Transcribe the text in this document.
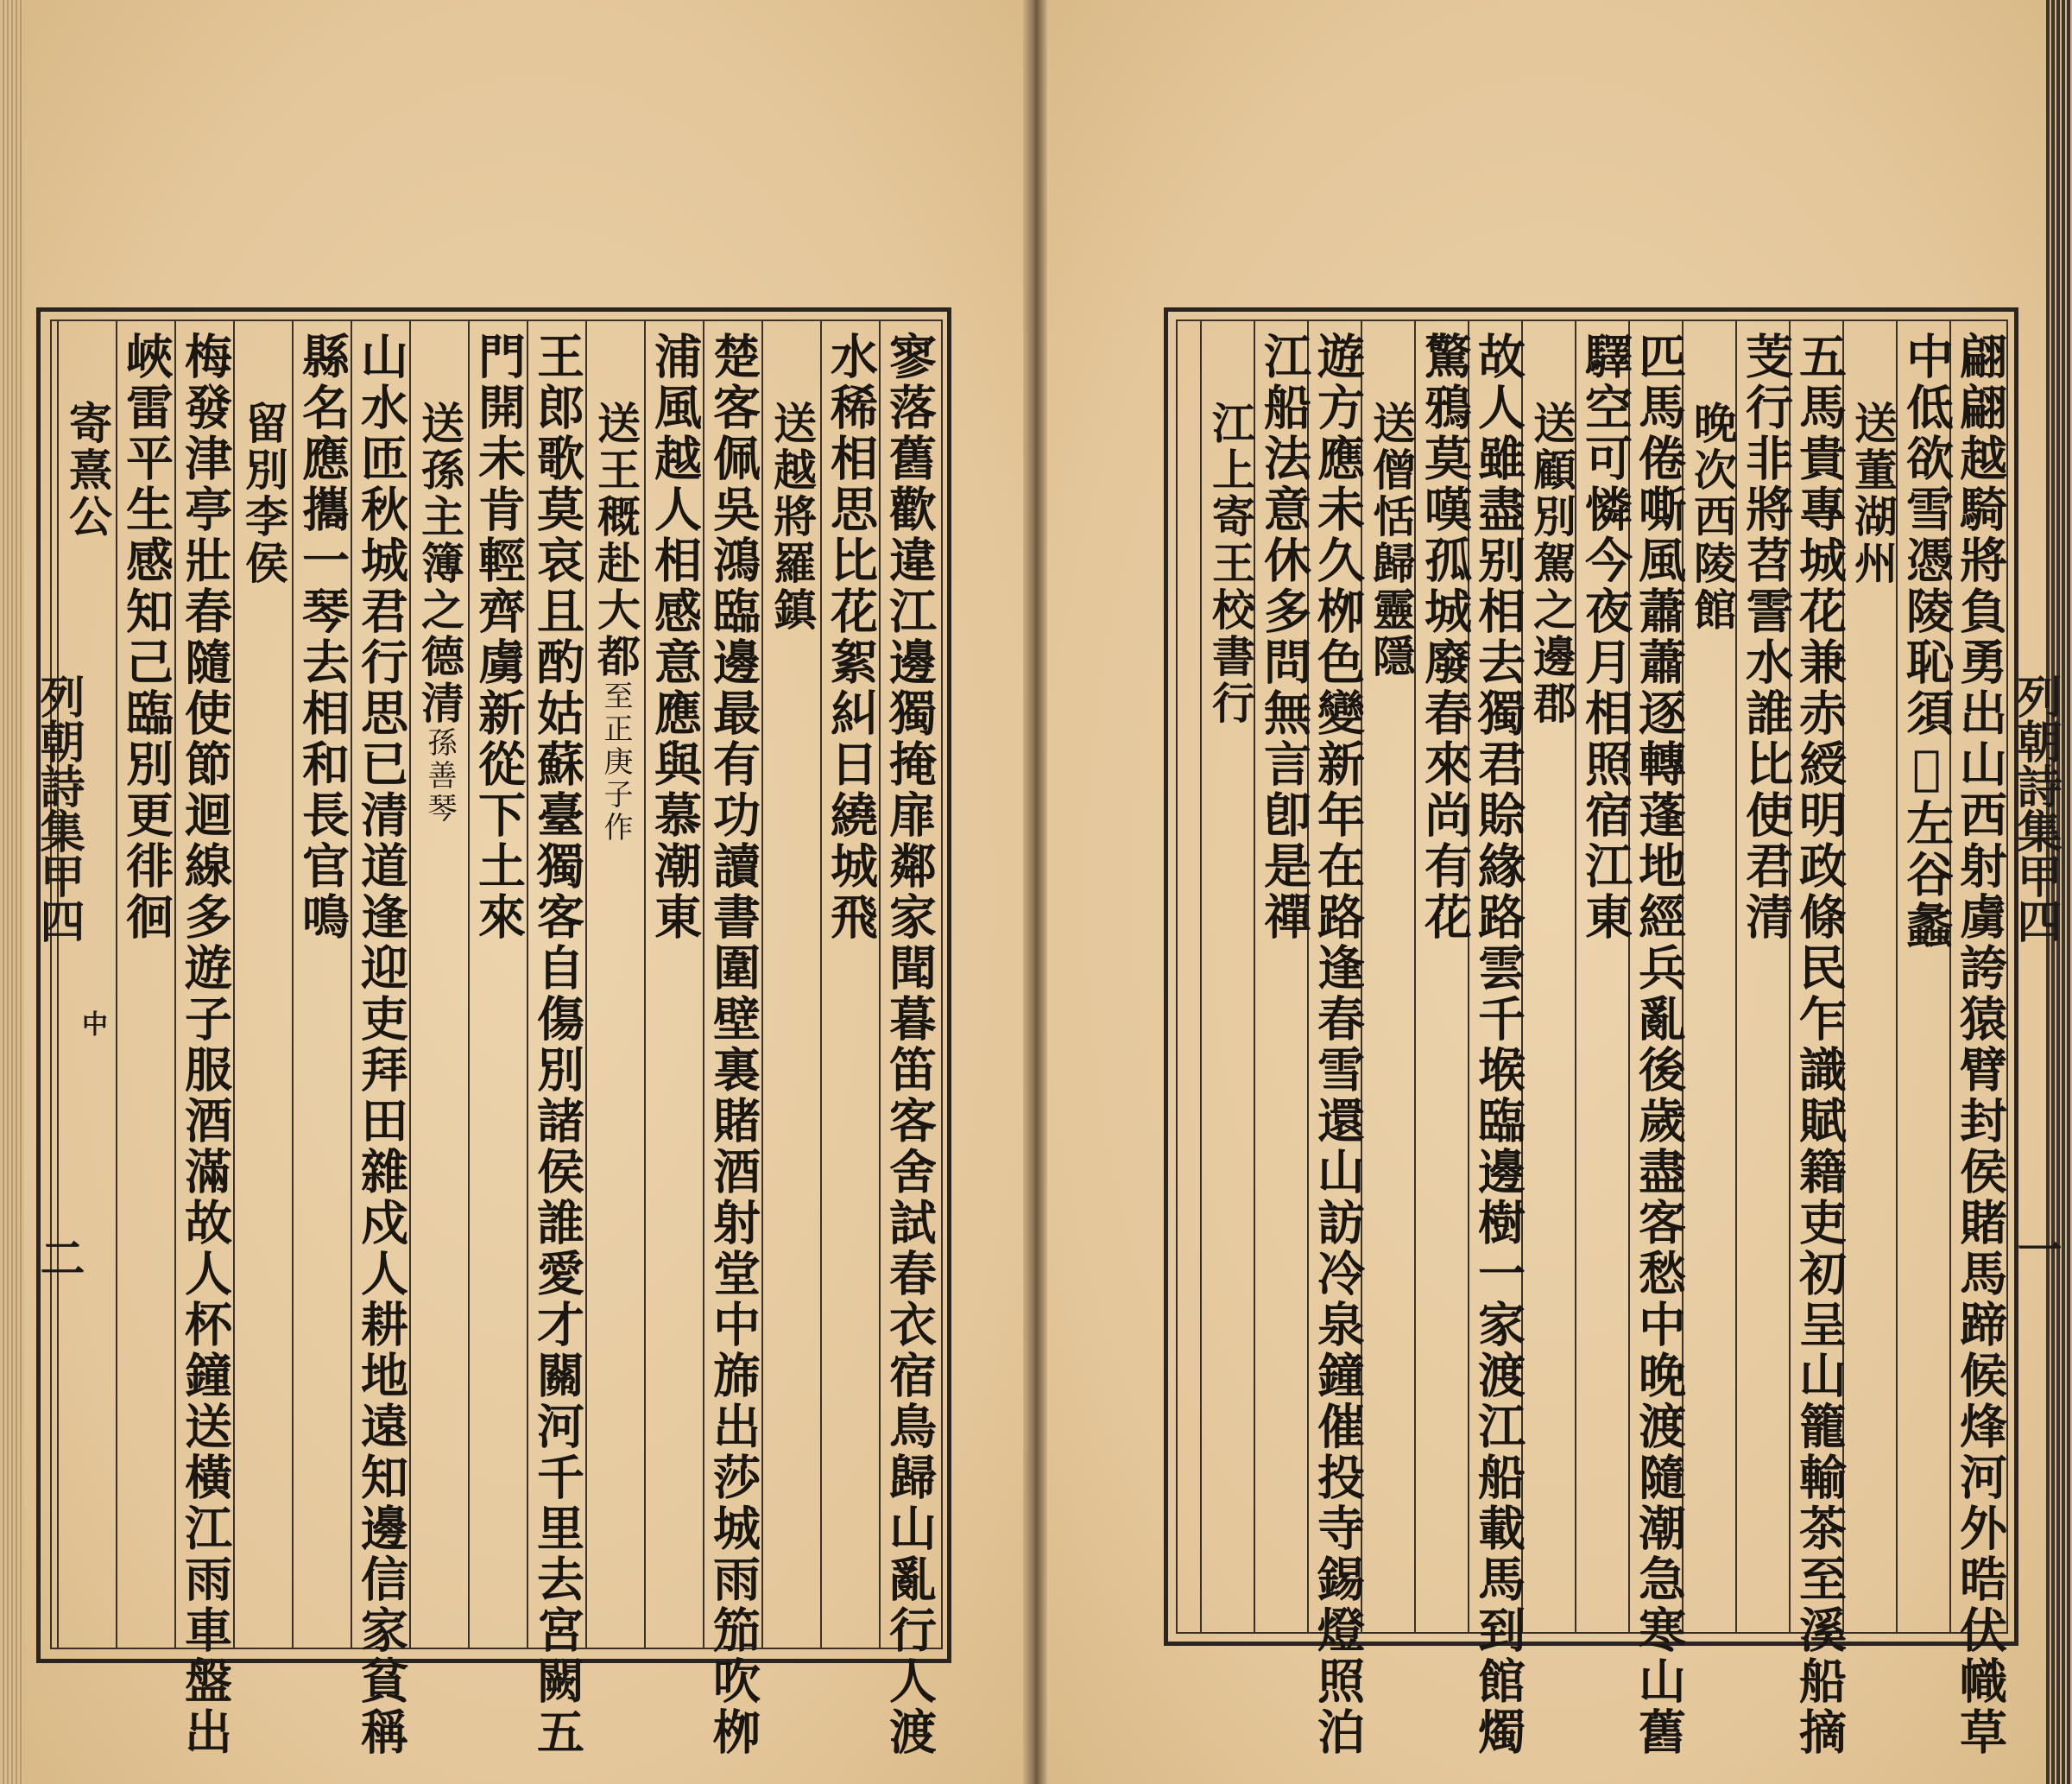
翩翩越騎將負勇出山西射虜誇猿臂封侯賭馬蹄候烽河外晧伏幟草
中低欲雪憑陵恥須𢧐左谷蠡
送董湖州
五馬貴專城花兼赤綬明政條民乍識賦籍吏初呈山籠輸茶至溪船摘
芰行非將苕霅水誰比使君清
晚次西陵館
匹馬倦嘶風蕭蕭逐轉蓬地經兵亂後歲盡客愁中晚渡隨潮急寒山舊
驛空可憐今夜月相照宿江東
送顧別駕之邊郡
故人雖盡别相去獨君賒緣路雲千堠臨邊樹一家渡江船載馬到館燭
驚鴉莫嘆孤城廢春來尚有花
送僧恬歸靈隱
遊方應未久栁色變新年在路逢春雪還山訪冷泉鐘催投寺錫燈照泊
江船法意休多問無言卽是禪
江上寄王校書行
寥落舊歡違江邊獨掩扉鄰家聞暮笛客舍試春衣宿鳥歸山亂行人渡
水稀相思比花絮糾日繞城飛
送越將羅鎮
楚客佩吳鴻臨邊最有功讀書圍壁裏賭酒射堂中旆出莎城雨笳吹栁
浦風越人相感意應與慕潮東
送王穊赴大都至正庚子作
王郎歌莫哀且酌姑蘇臺獨客自傷別諸侯誰愛才關河千里去宮闕五
門開未肯輕齊虜新從下土來
送孫主簿之德清孫善琴
山水匝秋城君行思已清道逢迎吏拜田雜戍人耕地遠知邊信家貧稱
縣名應攜一琴去相和長官鳴
留別李侯
梅發津亭壯春隨使節迴線多遊子服酒滿故人杯鐘送橫江雨車盤出
峽雷平生感知己臨別更徘徊
寄熹公
列朝詩集甲四
一
列朝詩集甲四
中
二
